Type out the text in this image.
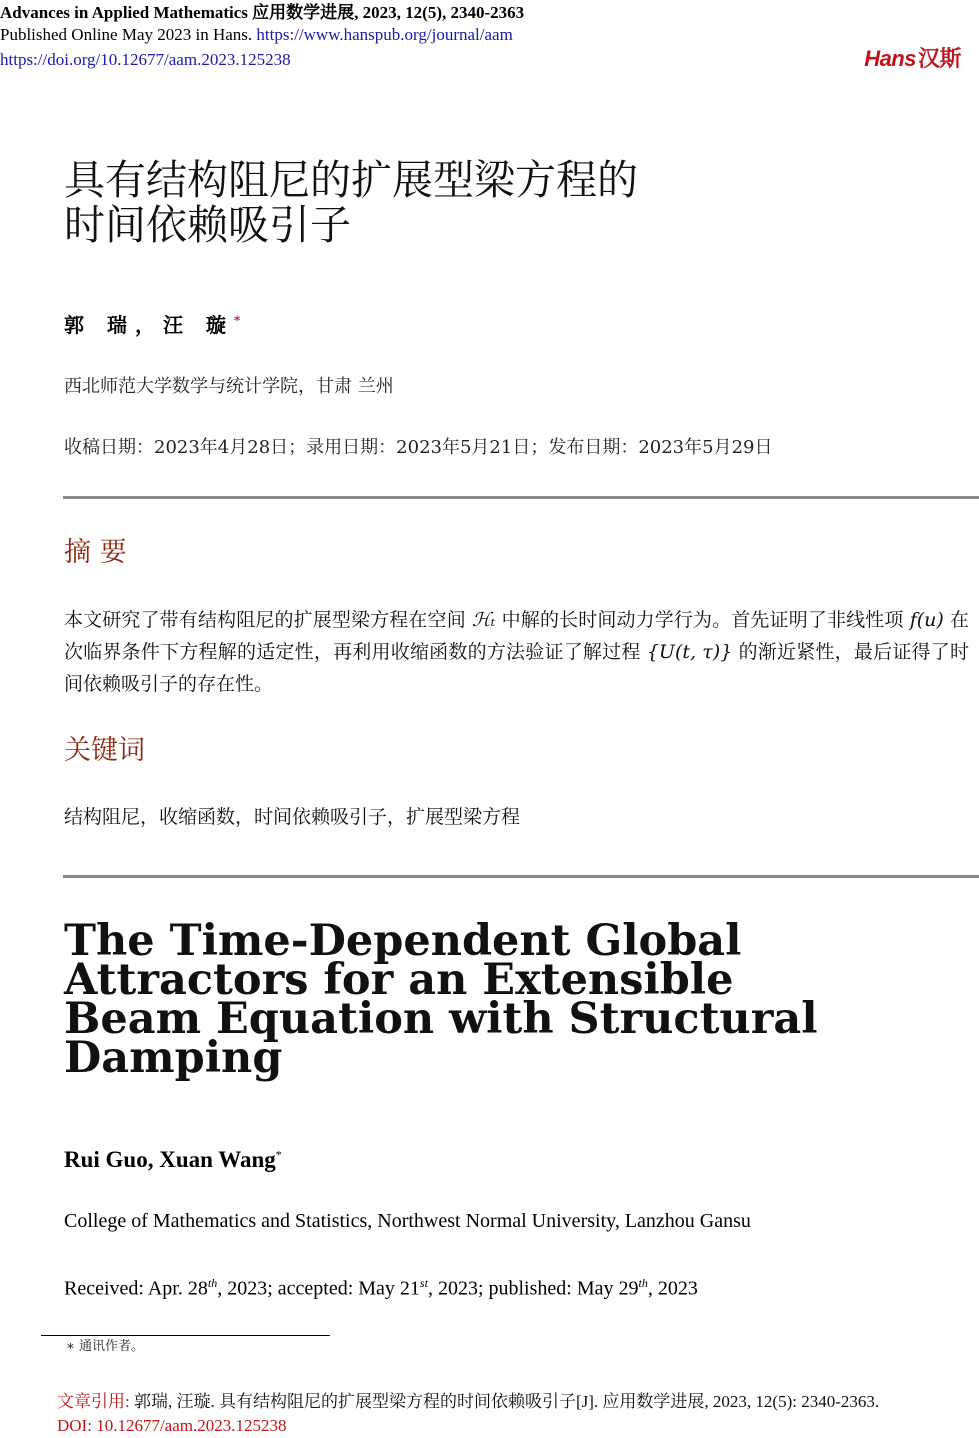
Advances in Applied Mathematics 应用数学进展, 2023, 12(5), 2340-2363
Published Online May 2023 in Hans. https://www.hanspub.org/journal/aam
https://doi.org/10.12677/aam.2023.125238	Hans汉斯
具有结构阻尼的扩展型梁方程的
时间依赖吸引子
郭 瑞，汪 璇*
西北师范大学数学与统计学院，甘肃 兰州
收稿日期：2023年4月28日；录用日期：2023年5月21日；发布日期：2023年5月29日
摘 要
本文研究了带有结构阻尼的扩展型梁方程在空间 ℋₜ 中解的长时间动力学行为。首先证明了非线性项 f(u) 在次临界条件下方程解的适定性，再利用收缩函数的方法验证了解过程 {U(t, τ)} 的渐近紧性，最后证得了时间依赖吸引子的存在性。
关键词
结构阻尼，收缩函数，时间依赖吸引子，扩展型梁方程
The Time-Dependent Global
Attractors for an Extensible
Beam Equation with Structural
Damping
Rui Guo, Xuan Wang*
College of Mathematics and Statistics, Northwest Normal University, Lanzhou Gansu
Received: Apr. 28th, 2023; accepted: May 21st, 2023; published: May 29th, 2023
∗ 通讯作者。
文章引用: 郭瑞, 汪璇. 具有结构阻尼的扩展型梁方程的时间依赖吸引子[J]. 应用数学进展, 2023, 12(5): 2340-2363.
DOI: 10.12677/aam.2023.125238
